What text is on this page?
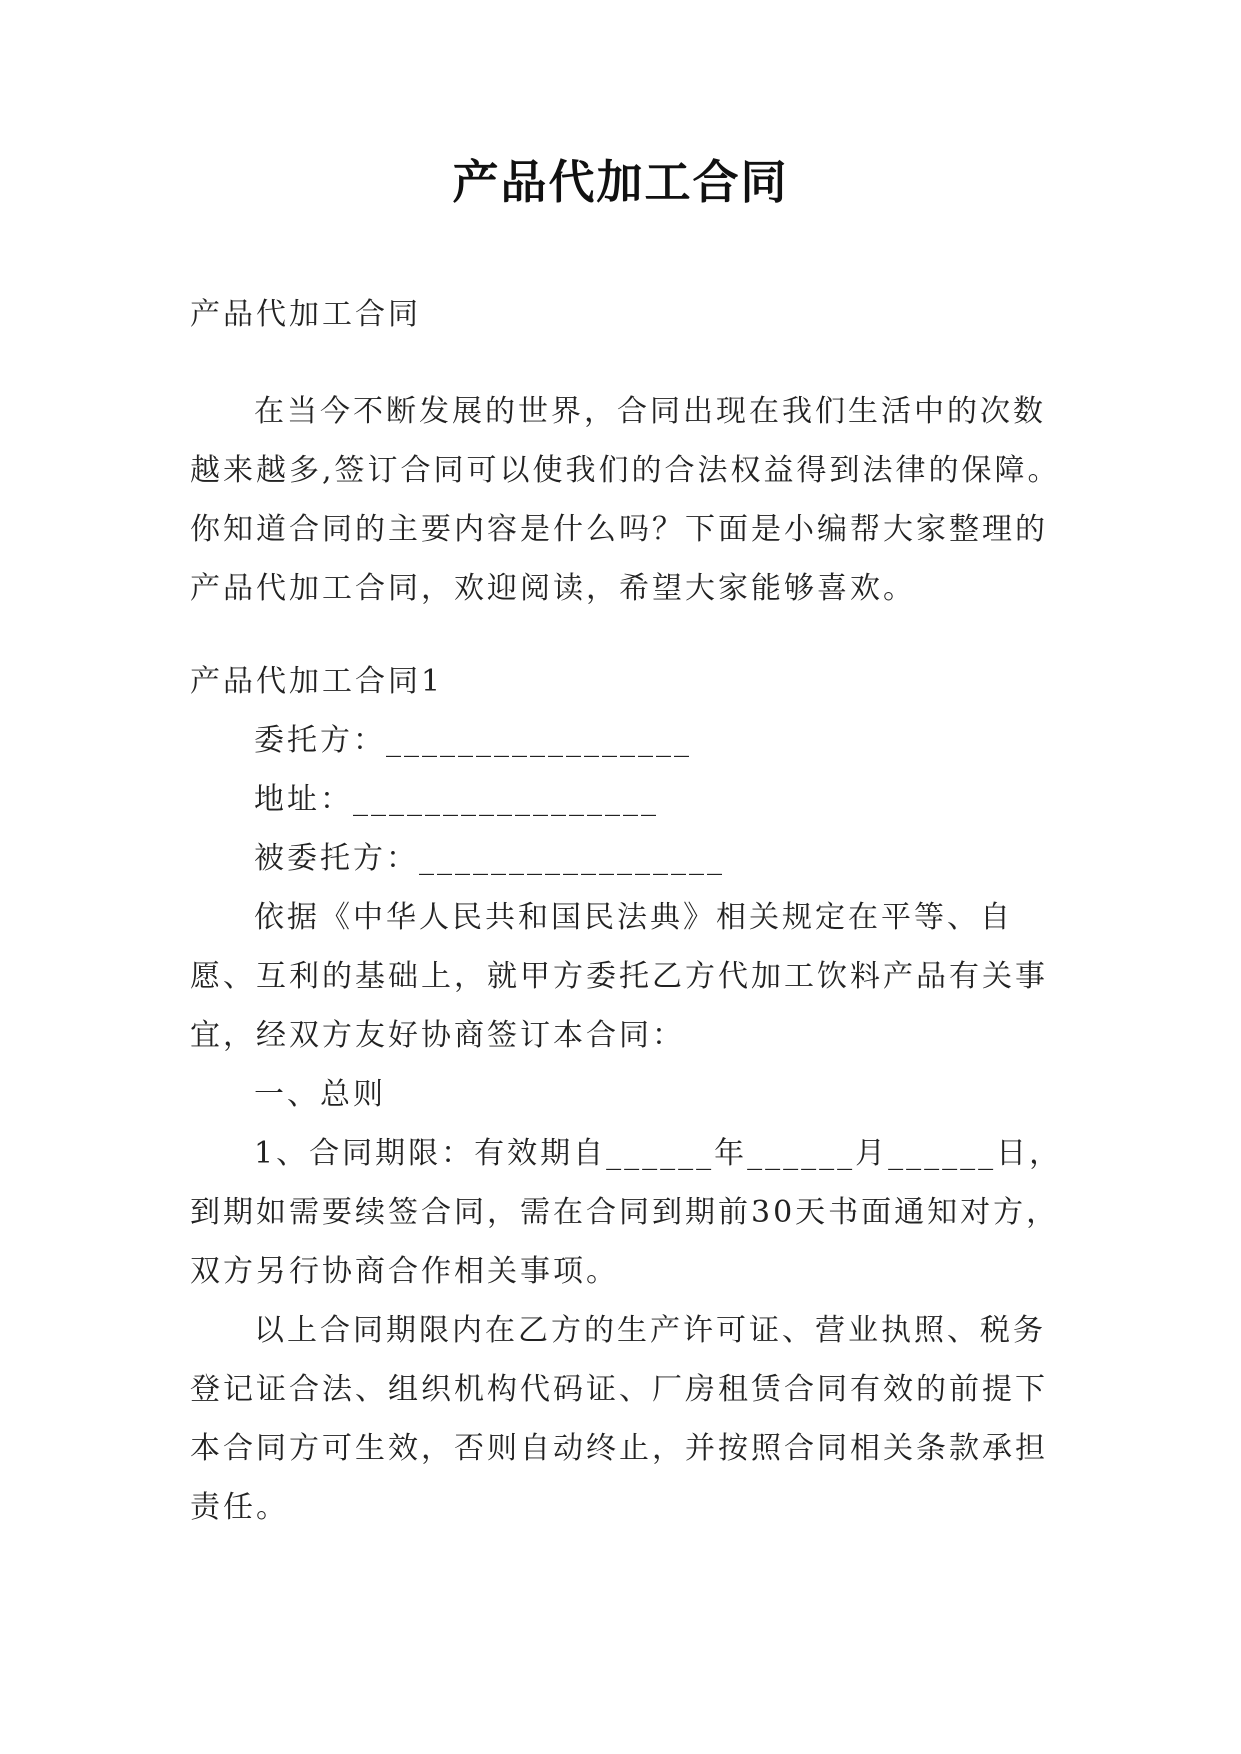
产品代加工合同

产品代加工合同

在当今不断发展的世界，合同出现在我们生活中的次数越来越多,签订合同可以使我们的合法权益得到法律的保障。你知道合同的主要内容是什么吗？下面是小编帮大家整理的产品代加工合同，欢迎阅读，希望大家能够喜欢。

产品代加工合同1

委托方：_________________

地址：_________________

被委托方：_________________

依据《中华人民共和国民法典》相关规定在平等、自愿、互利的基础上，就甲方委托乙方代加工饮料产品有关事宜，经双方友好协商签订本合同：

一、总则

1、合同期限：有效期自______年______月______日，到期如需要续签合同，需在合同到期前30天书面通知对方，双方另行协商合作相关事项。

以上合同期限内在乙方的生产许可证、营业执照、税务登记证合法、组织机构代码证、厂房租赁合同有效的前提下本合同方可生效，否则自动终止，并按照合同相关条款承担责任。
